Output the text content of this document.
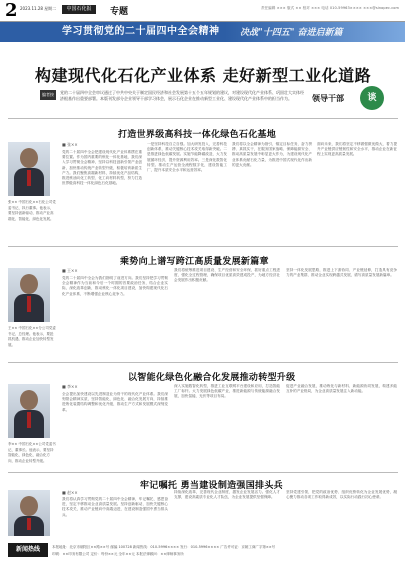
2 2023.11.28 星期二	中国石化报	专题	责任编辑 ××× 版式 ×× 校对 ××× 电话 010-59963×××× ×××@sinopec.com
学习贯彻党的二十届四中全会精神 决战"十四五" 奋进启新篇
构建现代化石化产业体系 走好新型工业化道路
领导干部	谈
编者按	党的二十届四中全会审议通过了中共中央关于制定国民经济和社会发展第十五个五年规划的建议，对建设现代化产业体系、巩固壮大实体经济根基作出重要部署。本版刊发部分企业领导干部学习体会，展示石化企业在推动新型工业化、建设现代化产业体系中的担当作为。
打造世界级高科技一体化绿色石化基地
张×× 中国石化××石化公司党委书记、执行董事。他表示，要坚持创新驱动，推动产业高端化、智能化、绿色化发展。
■ 张××
党的二十届四中全会把建设现代化产业体系摆在重要位置。作为国内重要的炼化一体化基地，我们深入学习贯彻全会精神，坚持以科技创新引领产业创新，加快推动传统产业转型升级，积极培育新质生产力。我们聚焦高端新材料，持续优化产品结构，推进炼油向化工转型、化工向材料转型，努力打造世界级高科技一体化绿色石化基地。
一是坚持科技自立自强。加大研发投入，完善科技创新体系，推动关键核心技术攻关取得新突破。二是推进绿色低碳发展。实施节能降碳改造，大力发展循环经济，提升资源利用效率。三是深化数智化转型。推动生产运营全流程数字化，建设智能工厂，提升本质安全水平和运营效率。
我们将以全会精神为指引，锚定目标任务，奋力拼搏、真抓实干，在服务国家战略、保障能源安全、推动高质量发展中彰显更大作为，为建设现代化产业体系贡献石化力量，为推进中国式现代化作出新的更大贡献。
面向未来，我们将坚定不移做强做优做大，着力提升产业链供应链韧性和安全水平，推动企业在新征程上实现更高质量发展。
乘势向上谱写跨江高质量发展新篇章
王×× 中国石化××分公司党委书记、总经理。他表示，要抢抓机遇，推动企业加快转型发展。
■ 王××
党的二十届四中全会为我们指明了前进方向。我们坚持把学习贯彻全会精神作为当前和今后一个时期的首要政治任务，结合企业实际，深化改革创新，推动炼化一体化项目建设，加快构建现代化石化产业体系，不断增强企业核心竞争力。
我们将统筹推进项目建设、生产经营和安全环保，抓好重点工程进度，强化全过程管理，确保项目优质高效建成投产，为地方经济社会发展作出积极贡献。
坚持一体化发展思路，推进上下游协同、产业链延伸，打造具有竞争力的产业集群，推动企业实现跨越式发展，谱写高质量发展新篇章。
以智能化绿色化融合化发展推动转型升级
李×× 中国石化××公司党委书记、董事长。他表示，要坚持智能化、绿色化、融合化方向，推动企业转型升级。
■ 李××
全会提出加快建设以先进制造业为骨干的现代化产业体系。我们深刻领会精神实质，坚持智能化、绿色化、融合化发展方向，持续推进炼化装置结构调整和优化升级，推动生产方式和发展模式深刻变革。
深入实施数智化转型，推进工业互联网平台建设和应用，打造智能工厂标杆。大力发展绿色低碳产业，推进新能源与传统能源融合发展，加快氢能、光伏等项目布局。
促进产业融合发展，推动炼化与新材料、新能源协同发展，构建多能互补的产业格局，为企业高质量发展注入新动能。
牢记嘱托 勇当建设制造强国排头兵
■ 赵××
我们将认真学习贯彻党的二十届四中全会精神，牢记嘱托、感恩奋进，坚定不移推动企业高质量发展。坚持创新驱动，加快关键核心技术攻关，推动产业链向中高端迈进，在建设制造强国中勇当排头兵。
持续深化改革，完善现代企业制度，激发企业发展活力。强化人才支撑，建设高素质专业化人才队伍，为企业发展提供坚强保障。
坚持党建引领，把党的政治优势、组织优势转化为企业发展优势，凝心聚力推动各项工作取得新成效，以实际行动践行初心使命。
新闻热线	本报地址：北京市朝阳区××路××号 邮编 100728 新闻热线：010-5996×××× 发行：010-5996×××× 广告许可证：京朝工商广字第××号
印刷：××印务有限公司 定价：每份××元 全年××元 本报法律顾问：××律师事务所
